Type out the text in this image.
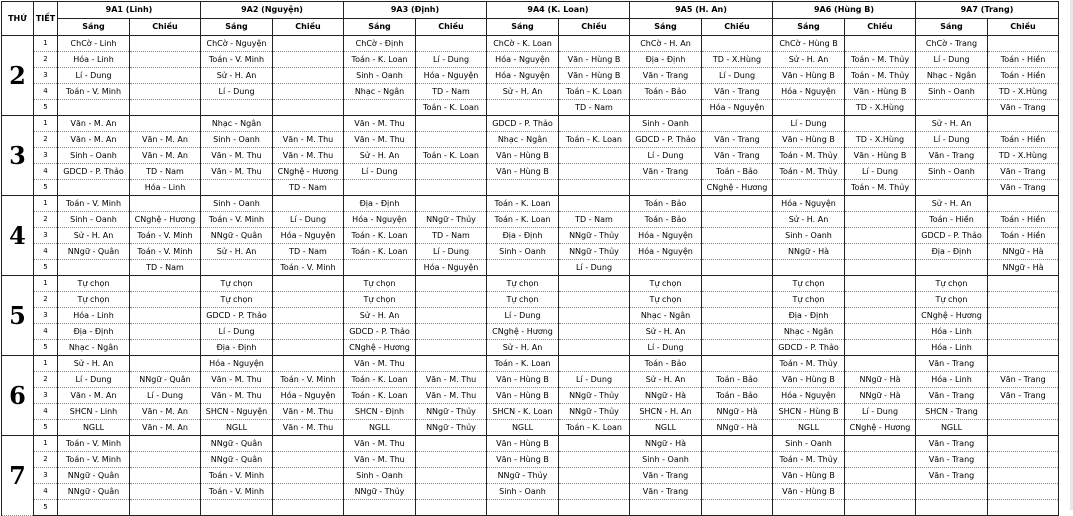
THỨ	TIẾT	9A1 (Linh)		9A2 (Nguyện)		9A3 (Định)		9A4 (K. Loan)		9A5 (H. An)		9A6 (Hùng B)		9A7 (Trang)	
		Sáng	Chiều	Sáng	Chiều	Sáng	Chiều	Sáng	Chiều	Sáng	Chiều	Sáng	Chiều	Sáng	Chiều
2	1	ChCờ - Linh		ChCờ - Nguyện		ChCờ - Định		ChCờ - K. Loan		ChCờ - H. An		ChCờ - Hùng B		ChCờ - Trang	
	2	Hóa - Linh		Toán - V. Minh		Toán - K. Loan	Lí - Dung	Hóa - Nguyện	Văn - Hùng B	Địa - Định	TD - X.Hùng	Sử - H. An	Toán - M. Thủy	Lí - Dung	Toán - Hiền
	3	Lí - Dung		Sử - H. An		Sinh - Oanh	Hóa - Nguyện	Hóa - Nguyện	Văn - Hùng B	Văn - Trang	Lí - Dung	Văn - Hùng B	Toán - M. Thủy	Nhạc - Ngân	Toán - Hiền
	4	Toán - V. Minh		Lí - Dung		Nhạc - Ngân	TD - Nam	Sử - H. An	Toán - K. Loan	Toán - Bảo	Văn - Trang	Hóa - Nguyện	Văn - Hùng B	Sinh - Oanh	TD - X.Hùng
	5						Toán - K. Loan		TD - Nam		Hóa - Nguyện		TD - X.Hùng		Văn - Trang
3	1	Văn - M. An		Nhạc - Ngân		Văn - M. Thu		GDCD - P. Thảo		Sinh - Oanh		Lí - Dung		Sử - H. An	
	2	Văn - M. An	Văn - M. An	Sinh - Oanh	Văn - M. Thu	Văn - M. Thu		Nhạc - Ngân	Toán - K. Loan	GDCD - P. Thảo	Văn - Trang	Văn - Hùng B	TD - X.Hùng	Lí - Dung	Toán - Hiền
	3	Sinh - Oanh	Văn - M. An	Văn - M. Thu	Văn - M. Thu	Sử - H. An	Toán - K. Loan	Văn - Hùng B		Lí - Dung	Văn - Trang	Toán - M. Thủy	Văn - Hùng B	Văn - Trang	TD - X.Hùng
	4	GDCD - P. Thảo	TD - Nam	Văn - M. Thu	CNghệ - Hương	Lí - Dung		Văn - Hùng B		Văn - Trang	Toán - Bảo	Toán - M. Thủy	Lí - Dung	Sinh - Oanh	Văn - Trang
	5		Hóa - Linh		TD - Nam						CNghệ - Hương		Toán - M. Thủy		Văn - Trang
4	1	Toán - V. Minh		Sinh - Oanh		Địa - Định		Toán - K. Loan		Toán - Bảo		Hóa - Nguyện		Sử - H. An	
	2	Sinh - Oanh	CNghệ - Hương	Toán - V. Minh	Lí - Dung	Hóa - Nguyện	NNgữ - Thủy	Toán - K. Loan	TD - Nam	Toán - Bảo		Sử - H. An		Toán - Hiền	Toán - Hiền
	3	Sử - H. An	Toán - V. Minh	NNgữ - Quân	Hóa - Nguyện	Toán - K. Loan	TD - Nam	Địa - Định	NNgữ - Thủy	Hóa - Nguyện		Sinh - Oanh		GDCD - P. Thảo	Toán - Hiền
	4	NNgữ - Quân	Toán - V. Minh	Sử - H. An	TD - Nam	Toán - K. Loan	Lí - Dung	Sinh - Oanh	NNgữ - Thủy	Hóa - Nguyện		NNgữ - Hà		Địa - Định	NNgữ - Hà
	5		TD - Nam		Toán - V. Minh		Hóa - Nguyện		Lí - Dung						NNgữ - Hà
5	1	Tự chọn		Tự chọn		Tự chọn		Tự chọn		Tự chọn		Tự chọn		Tự chọn	
	2	Tự chọn		Tự chọn		Tự chọn		Tự chọn		Tự chọn		Tự chọn		Tự chọn	
	3	Hóa - Linh		GDCD - P. Thảo		Sử - H. An		Lí - Dung		Nhạc - Ngân		Địa - Định		CNghệ - Hương	
	4	Địa - Định		Lí - Dung		GDCD - P. Thảo		CNghệ - Hương		Sử - H. An		Nhạc - Ngân		Hóa - Linh	
	5	Nhạc - Ngân		Địa - Định		CNghệ - Hương		Sử - H. An		Lí - Dung		GDCD - P. Thảo		Hóa - Linh	
6	1	Sử - H. An		Hóa - Nguyện		Văn - M. Thu		Toán - K. Loan		Toán - Bảo		Toán - M. Thủy		Văn - Trang	
	2	Lí - Dung	NNgữ - Quân	Văn - M. Thu	Toán - V. Minh	Toán - K. Loan	Văn - M. Thu	Văn - Hùng B	Lí - Dung	Sử - H. An	Toán - Bảo	Văn - Hùng B	NNgữ - Hà	Hóa - Linh	Văn - Trang
	3	Văn - M. An	Lí - Dung	Văn - M. Thu	Hóa - Nguyện	Toán - K. Loan	Văn - M. Thu	Văn - Hùng B	NNgữ - Thủy	NNgữ - Hà	Toán - Bảo	Hóa - Nguyện	NNgữ - Hà	Văn - Trang	Văn - Trang
	4	SHCN - Linh	Văn - M. An	SHCN - Nguyện	Văn - M. Thu	SHCN - Định	NNgữ - Thủy	SHCN - K. Loan	NNgữ - Thủy	SHCN - H. An	NNgữ - Hà	SHCN - Hùng B	Lí - Dung	SHCN - Trang	
	5	NGLL	Văn - M. An	NGLL	Văn - M. Thu	NGLL	NNgữ - Thủy	NGLL	Toán - K. Loan	NGLL	NNgữ - Hà	NGLL	CNghệ - Hương	NGLL	
7	1	Toán - V. Minh		NNgữ - Quân		Văn - M. Thu		Văn - Hùng B		NNgữ - Hà		Sinh - Oanh		Văn - Trang	
	2	Toán - V. Minh		NNgữ - Quân		Văn - M. Thu		Văn - Hùng B		Sinh - Oanh		Toán - M. Thủy		Văn - Trang	
	3	NNgữ - Quân		Toán - V. Minh		Sinh - Oanh		NNgữ - Thủy		Văn - Trang		Văn - Hùng B		Văn - Trang	
	4	NNgữ - Quân		Toán - V. Minh		NNgữ - Thủy		Sinh - Oanh		Văn - Trang		Văn - Hùng B			
	5														
